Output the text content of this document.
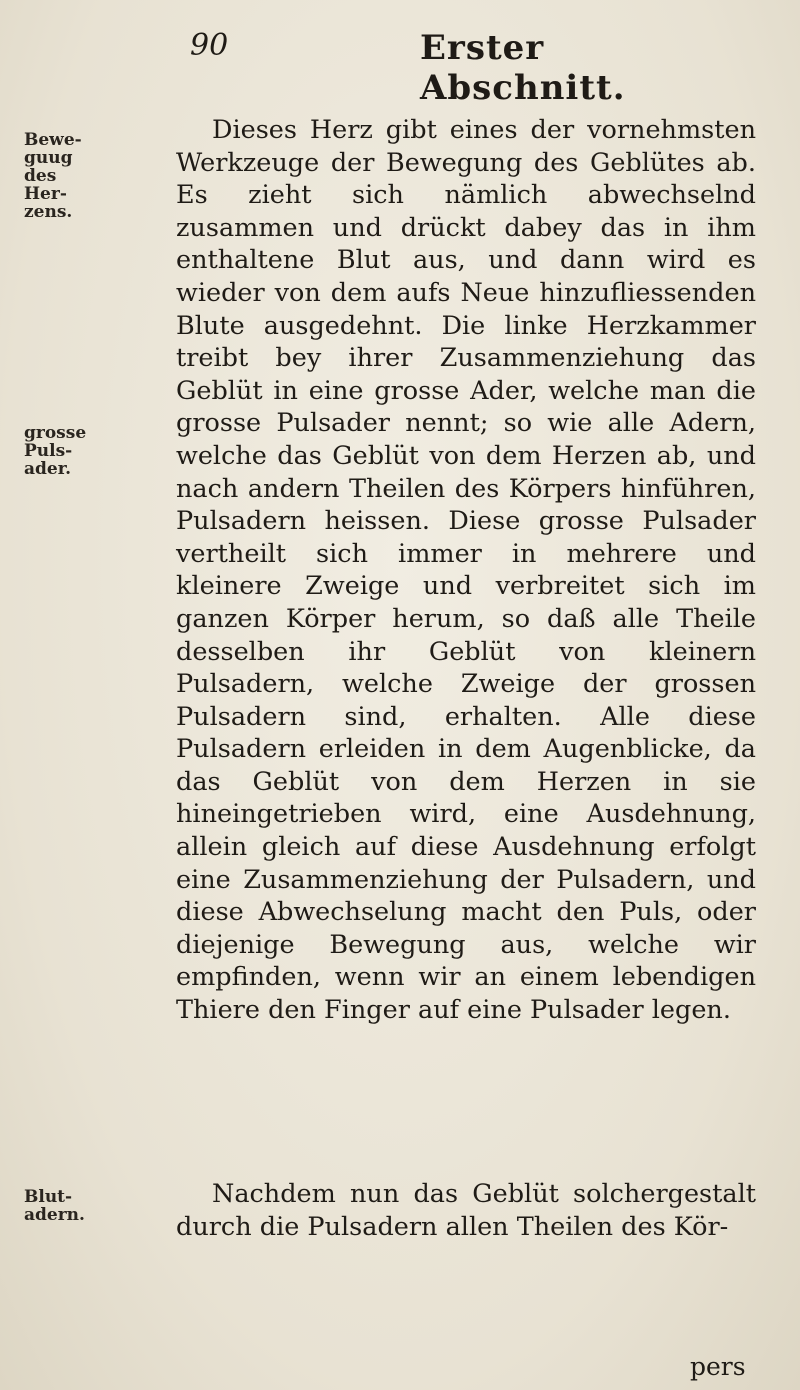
90	Erster Abschnitt.
Bewe-
guug
des Her-
zens.
grosse
Puls-
ader.
Blut-
adern.

Dieses Herz gibt eines der vornehmsten Werkzeuge der Bewegung des Geblütes ab. Es zieht sich nämlich abwechselnd zusammen und drückt dabey das in ihm enthaltene Blut aus, und dann wird es wieder von dem aufs Neue hinzufliessenden Blute ausgedehnt. Die linke Herzkammer treibt bey ihrer Zusammenziehung das Geblüt in eine grosse Ader, welche man die grosse Pulsader nennt; so wie alle Adern, welche das Geblüt von dem Herzen ab, und nach andern Theilen des Körpers hinführen, Pulsadern heissen. Diese grosse Pulsader vertheilt sich immer in mehrere und kleinere Zweige und verbreitet sich im ganzen Körper herum, so daß alle Theile desselben ihr Geblüt von kleinern Pulsadern, welche Zweige der grossen Pulsadern sind, erhalten. Alle diese Pulsadern erleiden in dem Augenblicke, da das Geblüt von dem Herzen in sie hineingetrieben wird, eine Ausdehnung, allein gleich auf diese Ausdehnung erfolgt eine Zusammenziehung der Pulsadern, und diese Abwechselung macht den Puls, oder diejenige Bewegung aus, welche wir empfinden, wenn wir an einem lebendigen Thiere den Finger auf eine Pulsader legen.

Nachdem nun das Geblüt solchergestalt durch die Pulsadern allen Theilen des Kör-

pers
